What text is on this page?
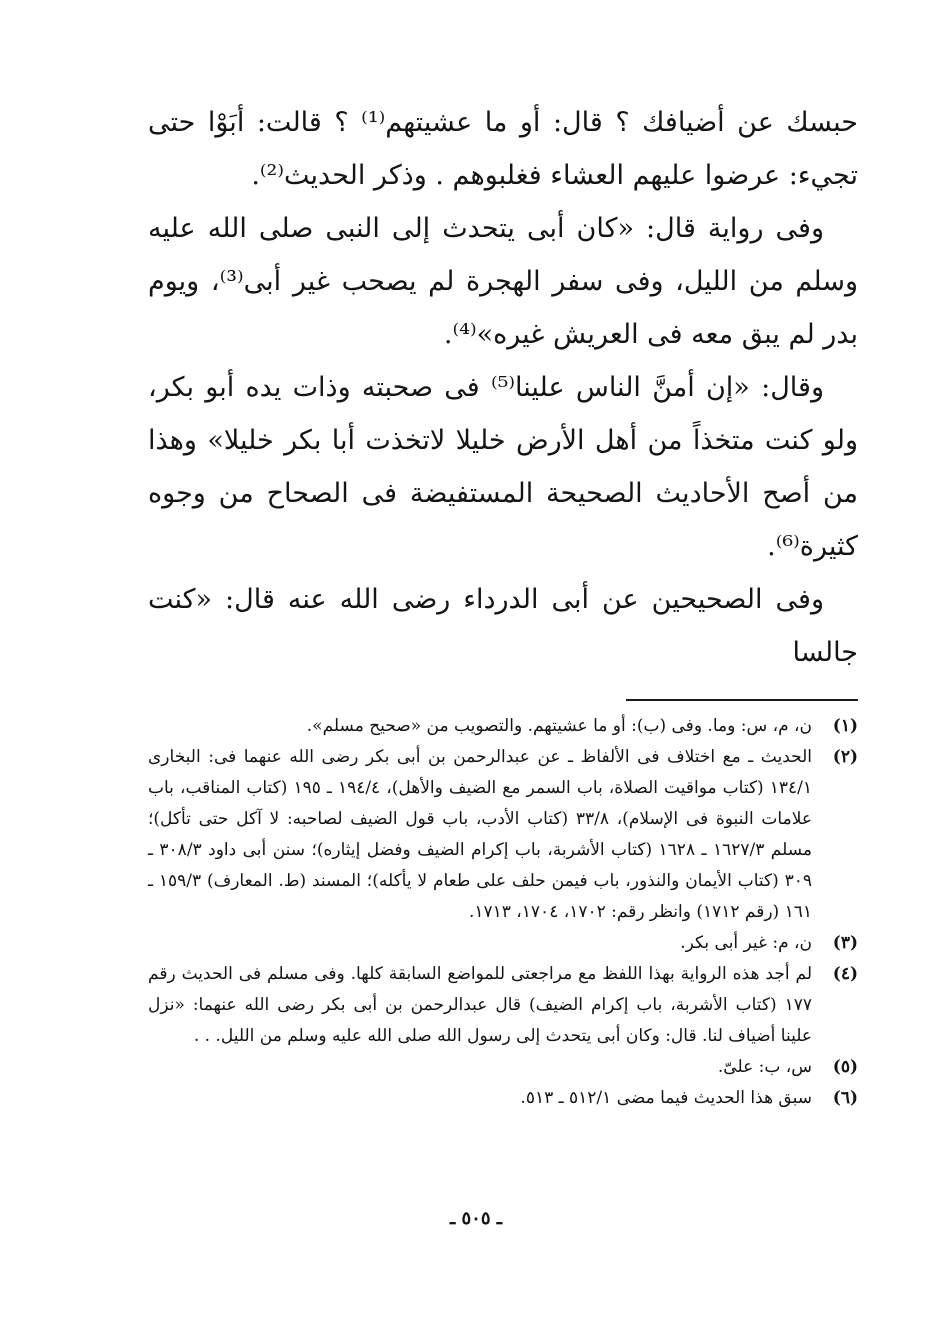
حبسك عن أضيافك ؟ قال: أو ما عشيتهم⁽¹⁾ ؟ قالت: أبَوْا حتى تجيء: عرضوا عليهم العشاء فغلبوهم . وذكر الحديث⁽²⁾.

وفى رواية قال: «كان أبى يتحدث إلى النبى صلى الله عليه وسلم من الليل، وفى سفر الهجرة لم يصحب غير أبى⁽³⁾، ويوم بدر لم يبق معه فى العريش غيره»⁽⁴⁾.

وقال: «إن أمنَّ الناس علينا⁽⁵⁾ فى صحبته وذات يده أبو بكر، ولو كنت متخذاً من أهل الأرض خليلا لاتخذت أبا بكر خليلا» وهذا من أصح الأحاديث الصحيحة المستفيضة فى الصحاح من وجوه كثيرة⁽⁶⁾.

وفى الصحيحين عن أبى الدرداء رضى الله عنه قال: «كنت جالسا

(١)
ن، م، س: وما. وفى (ب): أو ما عشيتهم. والتصويب من «صحيح مسلم».
(٢)
الحديث ـ مع اختلاف فى الألفاظ ـ عن عبدالرحمن بن أبى بكر رضى الله عنهما فى: البخارى ١٣٤/١ (كتاب مواقيت الصلاة، باب السمر مع الضيف والأهل)، ١٩٤/٤ ـ ١٩٥ (كتاب المناقب، باب علامات النبوة فى الإسلام)، ٣٣/٨ (كتاب الأدب، باب قول الضيف لصاحبه: لا آكل حتى تأكل)؛ مسلم ١٦٢٧/٣ ـ ١٦٢٨ (كتاب الأشربة، باب إكرام الضيف وفضل إيثاره)؛ سنن أبى داود ٣٠٨/٣ ـ ٣٠٩ (كتاب الأيمان والنذور، باب فيمن حلف على طعام لا يأكله)؛ المسند (ط. المعارف) ١٥٩/٣ ـ ١٦١ (رقم ١٧١٢) وانظر رقم: ١٧٠٢، ١٧٠٤، ١٧١٣.
(٣)
ن، م: غير أبى بكر.
(٤)
لم أجد هذه الرواية بهذا اللفظ مع مراجعتى للمواضع السابقة كلها. وفى مسلم فى الحديث رقم ١٧٧ (كتاب الأشربة، باب إكرام الضيف) قال عبدالرحمن بن أبى بكر رضى الله عنهما: «نزل علينا أضياف لنا. قال: وكان أبى يتحدث إلى رسول الله صلى الله عليه وسلم من الليل. . .
(٥)
س، ب: علىّ.
(٦)
سبق هذا الحديث فيما مضى ٥١٢/١ ـ ٥١٣.
ـ ٥٠٥ ـ
